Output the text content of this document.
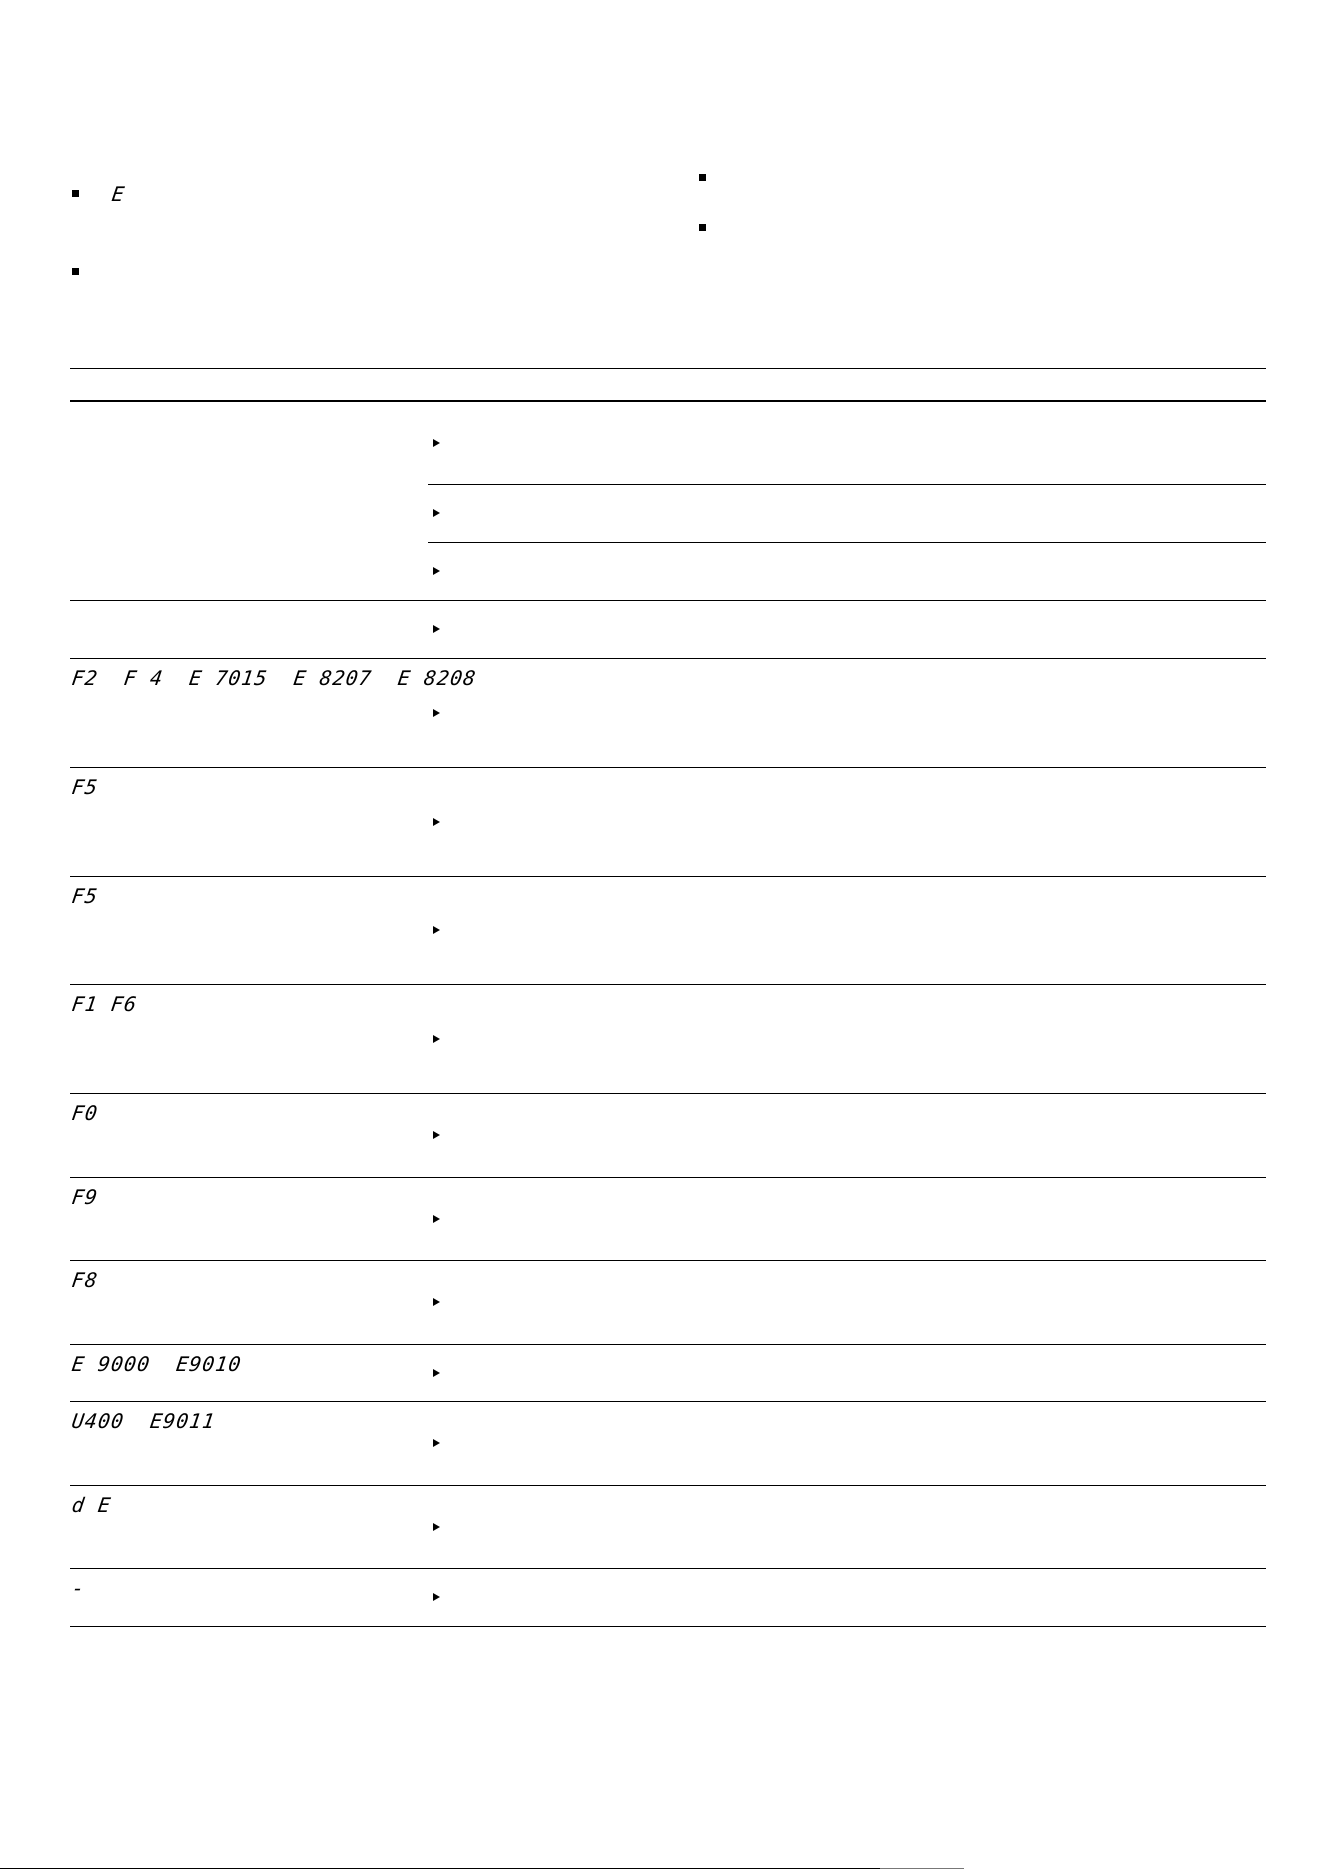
E
F2  F 4  E 7015  E 8207  E 8208
F5
F5
F1 F6
F0
F9
F8
E 9000  E9010
U400  E9011
d E
-
